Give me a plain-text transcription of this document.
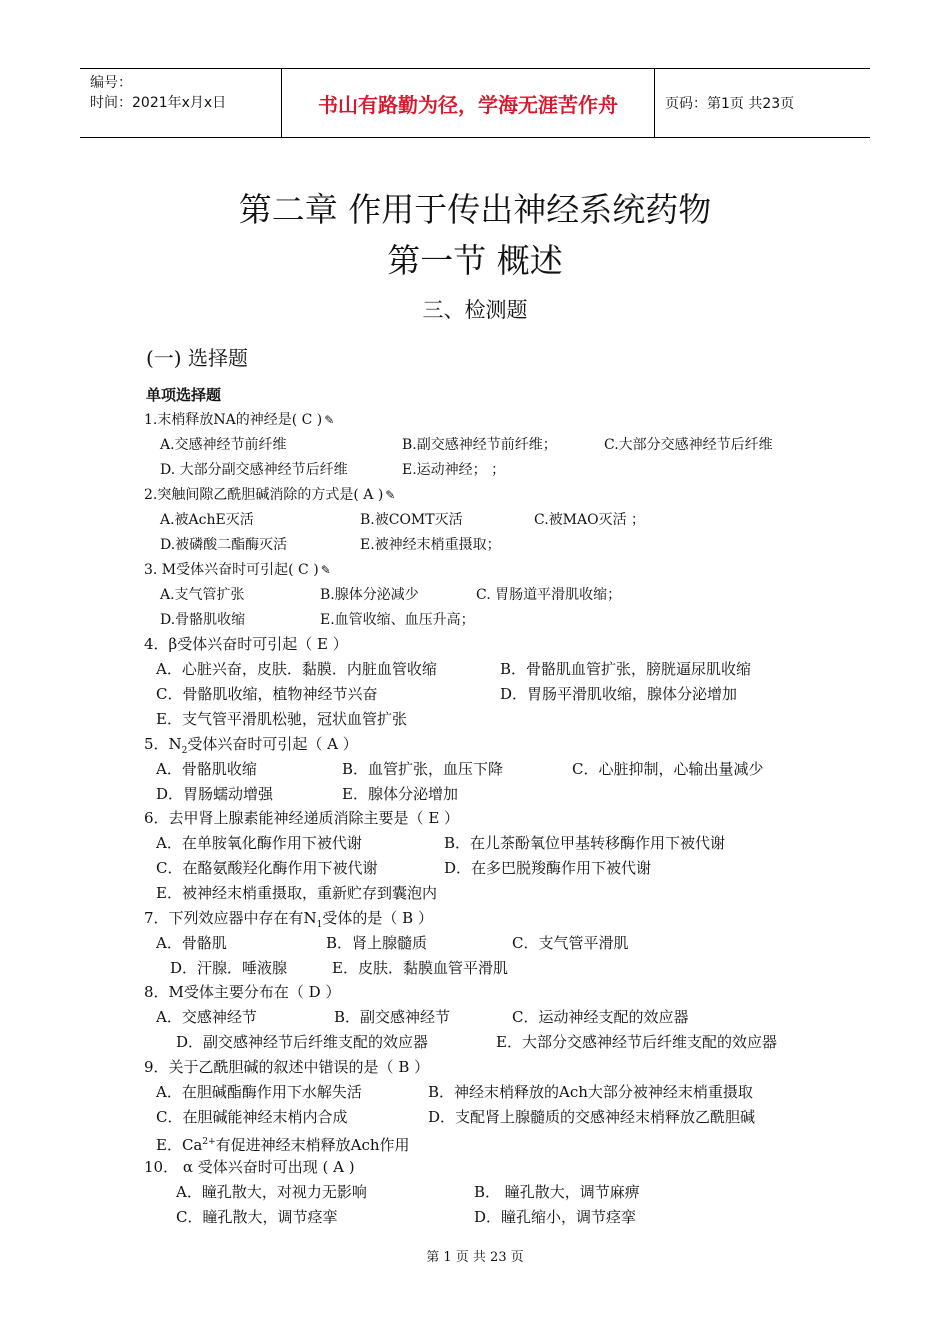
编号：
时间：2021年x月x日	书山有路勤为径，学海无涯苦作舟	页码：第1页 共23页
第二章 作用于传出神经系统药物
第一节 概述
三、检测题
(一) 选择题
单项选择题
1.末梢释放NA的神经是( C ) ✎
A.交感神经节前纤维	B.副交感神经节前纤维；	C.大部分交感神经节后纤维
D. 大部分副交感神经节后纤维	E.运动神经； ；
2.突触间隙乙酰胆碱消除的方式是( A ) ✎
A.被AchE灭活	B.被COMT灭活	C.被MAO灭活 ；
D.被磷酸二酯酶灭活	E.被神经末梢重摄取；
3. M受体兴奋时可引起( C ) ✎
A.支气管扩张	B.腺体分泌减少	C. 胃肠道平滑肌收缩；
D.骨骼肌收缩	E.血管收缩、血压升高；
4．β受体兴奋时可引起（ E ）
A．心脏兴奋，皮肤．黏膜．内脏血管收缩	B．骨骼肌血管扩张，膀胱逼尿肌收缩
C．骨骼肌收缩，植物神经节兴奋	D．胃肠平滑肌收缩，腺体分泌增加
E．支气管平滑肌松驰，冠状血管扩张
5．$N_2$受体兴奋时可引起（ A ）
A．骨骼肌收缩	B．血管扩张，血压下降	C．心脏抑制，心输出量减少
D．胃肠蠕动增强	E．腺体分泌增加
6．去甲肾上腺素能神经递质消除主要是（ E ）
A．在单胺氧化酶作用下被代谢	B．在儿茶酚氧位甲基转移酶作用下被代谢
C．在酪氨酸羟化酶作用下被代谢	D．在多巴脱羧酶作用下被代谢
E．被神经末梢重摄取，重新贮存到囊泡内
7．下列效应器中存在有$N_1$受体的是（ B ）
A．骨骼肌	B．肾上腺髓质	C．支气管平滑肌
D．汗腺．唾液腺	E．皮肤．黏膜血管平滑肌
8．M受体主要分布在（ D ）
A．交感神经节	B．副交感神经节	C．运动神经支配的效应器
D．副交感神经节后纤维支配的效应器	E．大部分交感神经节后纤维支配的效应器
9．关于乙酰胆碱的叙述中错误的是（ B ）
A．在胆碱酯酶作用下水解失活	B．神经末梢释放的Ach大部分被神经末梢重摄取
C．在胆碱能神经末梢内合成	D．支配肾上腺髓质的交感神经末梢释放乙酰胆碱
E．$Ca^{2+}$有促进神经末梢释放Ach作用
10． α 受体兴奋时可出现 ( A )
A．瞳孔散大，对视力无影响	B． 瞳孔散大，调节麻痹
C．瞳孔散大，调节痉挛	D．瞳孔缩小，调节痉挛
第 1 页 共 23 页
